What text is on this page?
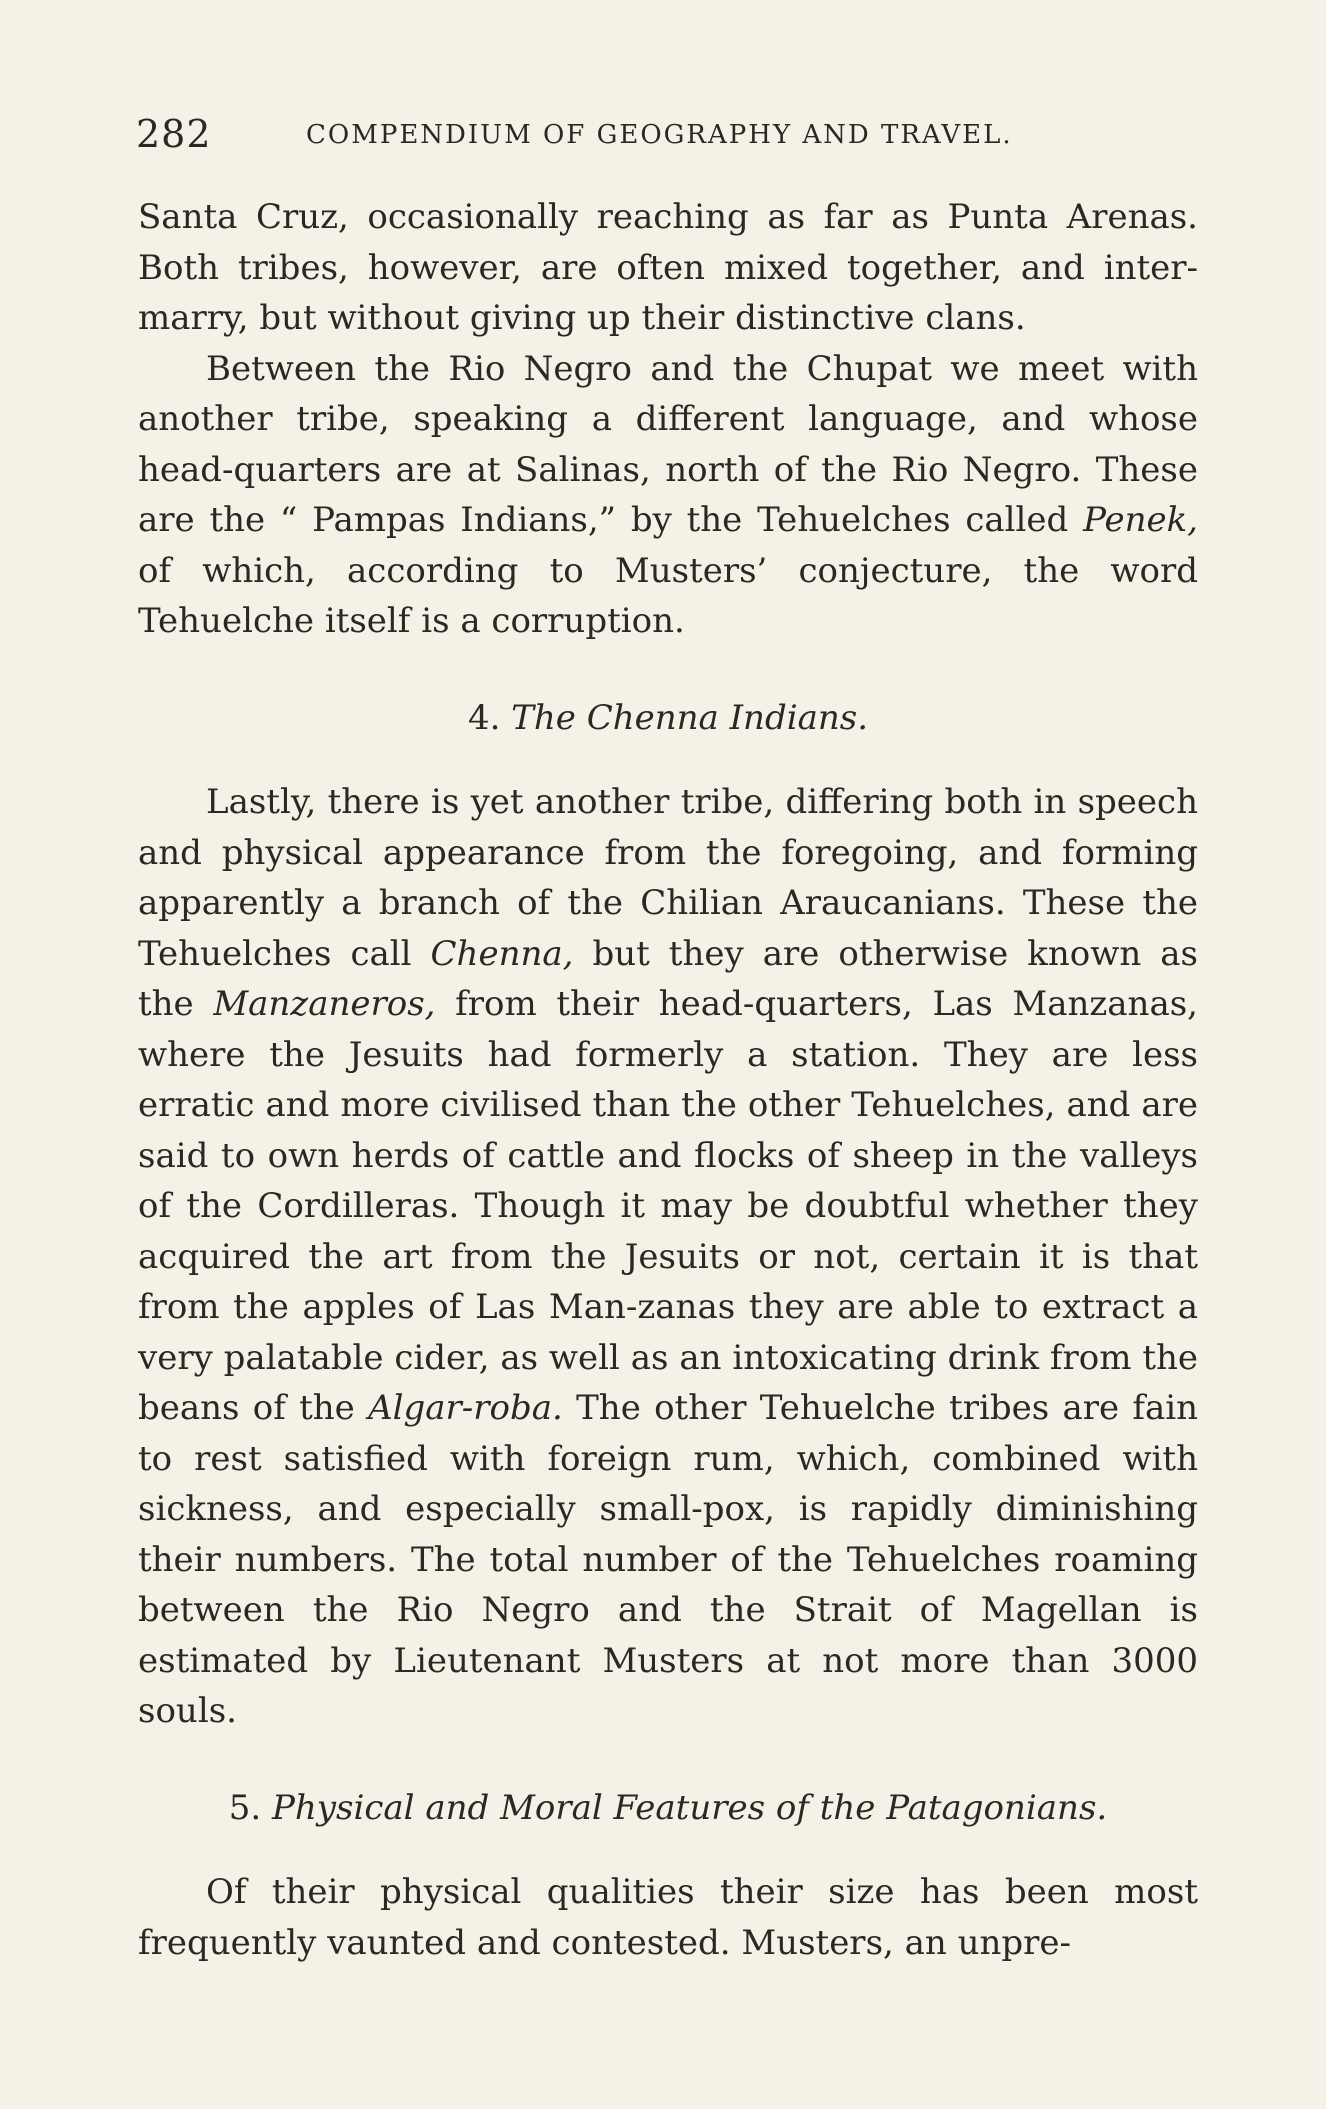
282	COMPENDIUM OF GEOGRAPHY AND TRAVEL.

Santa Cruz, occasionally reaching as far as Punta Arenas. Both tribes, however, are often mixed together, and inter-marry, but without giving up their distinctive clans.

Between the Rio Negro and the Chupat we meet with another tribe, speaking a different language, and whose head-quarters are at Salinas, north of the Rio Negro. These are the “ Pampas Indians,” by the Tehuelches called Penek, of which, according to Musters’ conjecture, the word Tehuelche itself is a corruption.

4. The Chenna Indians.

Lastly, there is yet another tribe, differing both in speech and physical appearance from the foregoing, and forming apparently a branch of the Chilian Araucanians. These the Tehuelches call Chenna, but they are otherwise known as the Manzaneros, from their head-quarters, Las Manzanas, where the Jesuits had formerly a station. They are less erratic and more civilised than the other Tehuelches, and are said to own herds of cattle and flocks of sheep in the valleys of the Cordilleras. Though it may be doubtful whether they acquired the art from the Jesuits or not, certain it is that from the apples of Las Man-zanas they are able to extract a very palatable cider, as well as an intoxicating drink from the beans of the Algar-roba. The other Tehuelche tribes are fain to rest satisfied with foreign rum, which, combined with sickness, and especially small-pox, is rapidly diminishing their numbers. The total number of the Tehuelches roaming between the Rio Negro and the Strait of Magellan is estimated by Lieutenant Musters at not more than 3000 souls.

5. Physical and Moral Features of the Patagonians.

Of their physical qualities their size has been most frequently vaunted and contested. Musters, an unpre-
